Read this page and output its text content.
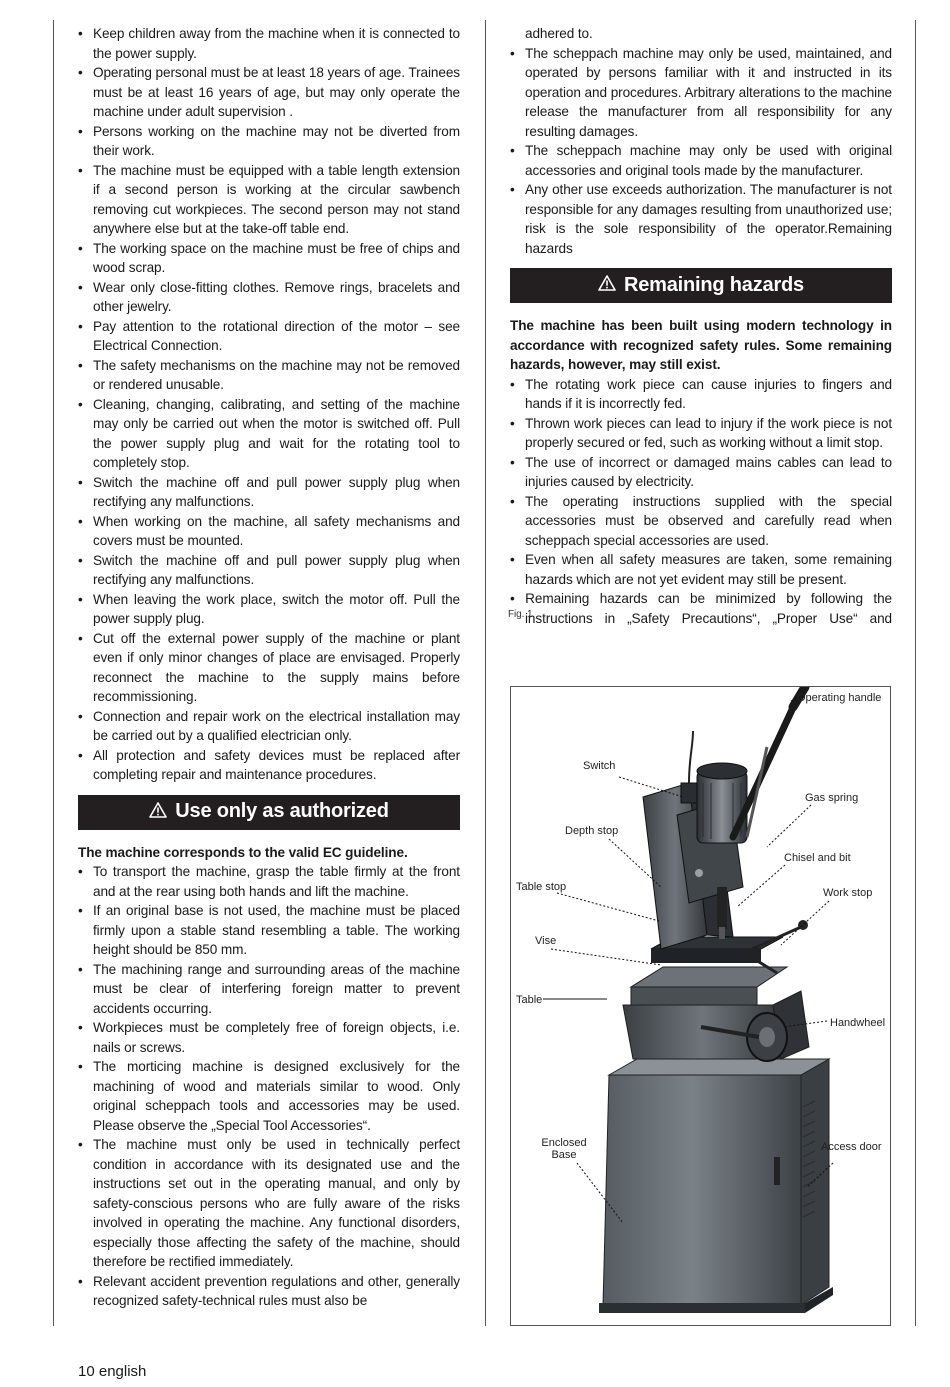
• Keep children away from the machine when it is connected to the power supply.
• Operating personal must be at least 18 years of age. Trainees must be at least 16 years of age, but may only operate the machine under adult supervision .
• Persons working on the machine may not be diverted from their work.
• The machine must be equipped with a table length extension if a second person is working at the circular sawbench removing cut workpieces. The second person may not stand anywhere else but at the take-off table end.
• The working space on the machine must be free of chips and wood scrap.
• Wear only close-fitting clothes. Remove rings, bracelets and other jewelry.
• Pay attention to the rotational direction of the motor – see Electrical Connection.
• The safety mechanisms on the machine may not be removed or rendered unusable.
• Cleaning, changing, calibrating, and setting of the machine may only be carried out when the motor is switched off. Pull the power supply plug and wait for the rotating tool to completely stop.
• Switch the machine off and pull power supply plug when rectifying any malfunctions.
• When working on the machine, all safety mechanisms and covers must be mounted.
• Switch the machine off and pull power supply plug when rectifying any malfunctions.
• When leaving the work place, switch the motor off. Pull the power supply plug.
• Cut off the external power supply of the machine or plant even if only minor changes of place are envisaged. Properly reconnect the machine to the supply mains before recommissioning.
• Connection and repair work on the electrical installation may be carried out by a qualified electrician only.
• All protection and safety devices must be replaced after completing repair and maintenance procedures.
Use only as authorized

The machine corresponds to the valid EC guideline.

• To transport the machine, grasp the table firmly at the front and at the rear using both hands and lift the machine.
• If an original base is not used, the machine must be placed firmly upon a stable stand resembling a table. The working height should be 850 mm.
• The machining range and surrounding areas of the machine must be clear of interfering foreign matter to prevent accidents occurring.
• Workpieces must be completely free of foreign objects, i.e. nails or screws.
• The morticing machine is designed exclusively for the machining of wood and materials similar to wood. Only original scheppach tools and accessories may be used. Please observe the „Special Tool Accessories“.
• The machine must only be used in technically perfect condition in accordance with its designated use and the instructions set out in the operating manual, and only by safety-conscious persons who are fully aware of the risks involved in operating the machine. Any functional disorders, especially those affecting the safety of the machine, should therefore be rectified immediately.
• Relevant accident prevention regulations and other, generally recognized safety-technical rules must also be

adhered to.

• The scheppach machine may only be used, maintained, and operated by persons familiar with it and instructed in its operation and procedures. Arbitrary alterations to the machine release the manufacturer from all responsibility for any resulting damages.
• The scheppach machine may only be used with original accessories and original tools made by the manufacturer.
• Any other use exceeds authorization. The manufacturer is not responsible for any damages resulting from unauthorized use; risk is the sole responsibility of the operator.Remaining hazards
Remaining hazards

The machine has been built using modern technology in accordance with recognized safety rules. Some remaining hazards, however, may still exist.

• The rotating work piece can cause injuries to fingers and hands if it is incorrectly fed.
• Thrown work pieces can lead to injury if the work piece is not properly secured or fed, such as working without a limit stop.
• The use of incorrect or damaged mains cables can lead to injuries caused by electricity.
• The operating instructions supplied with the special accessories must be observed and carefully read when scheppach special accessories are used.
• Even when all safety measures are taken, some remaining hazards which are not yet evident may still be present.

• Remaining hazards can be minimized by following the

Fig. 1

instructions in „Safety Precautions“, „Proper Use“ and

Operating handle
Switch
Gas spring
Depth stop
Chisel and bit
Table stop	Work stop
Vise
Table
Handwheel
Enclosed
Base
Access door
10 english
